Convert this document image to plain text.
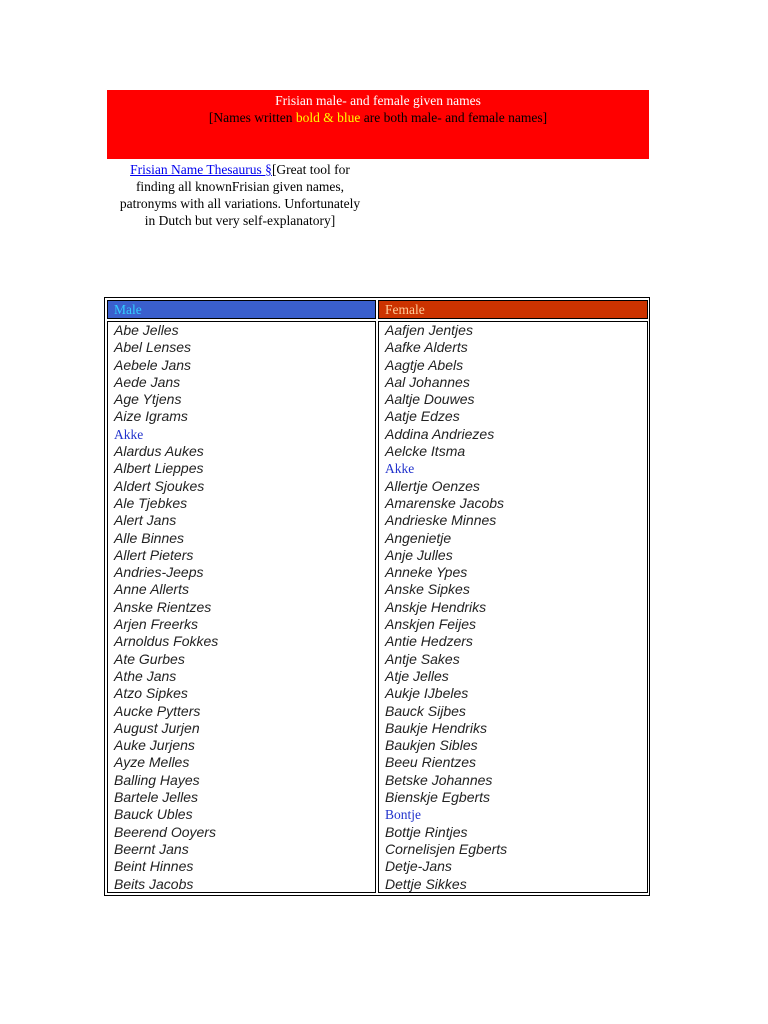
Frisian male- and female given names
[Names written bold & blue are both male- and female names]
Frisian Name Thesaurus §[Great tool for finding all knownFrisian given names, patronyms with all variations. Unfortunately in Dutch but very self-explanatory]
Male
Abe Jelles
Abel Lenses
Aebele Jans
Aede Jans
Age Ytjens
Aize Igrams
Akke
Alardus Aukes
Albert Lieppes
Aldert Sjoukes
Ale Tjebkes
Alert Jans
Alle Binnes
Allert Pieters
Andries-Jeeps
Anne Allerts
Anske Rientzes
Arjen Freerks
Arnoldus Fokkes
Ate Gurbes
Athe Jans
Atzo Sipkes
Aucke Pytters
August Jurjen
Auke Jurjens
Ayze Melles
Balling Hayes
Bartele Jelles
Bauck Ubles
Beerend Ooyers
Beernt Jans
Beint Hinnes
Beits Jacobs
Female
Aafjen Jentjes
Aafke Alderts
Aagtje Abels
Aal Johannes
Aaltje Douwes
Aatje Edzes
Addina Andriezes
Aelcke Itsma
Akke
Allertje Oenzes
Amarenske Jacobs
Andrieske Minnes
Angenietje
Anje Julles
Anneke Ypes
Anske Sipkes
Anskje Hendriks
Anskjen Feijes
Antie Hedzers
Antje Sakes
Atje Jelles
Aukje IJbeles
Bauck Sijbes
Baukje Hendriks
Baukjen Sibles
Beeu Rientzes
Betske Johannes
Bienskje Egberts
Bontje
Bottje Rintjes
Cornelisjen Egberts
Detje-Jans
Dettje Sikkes
